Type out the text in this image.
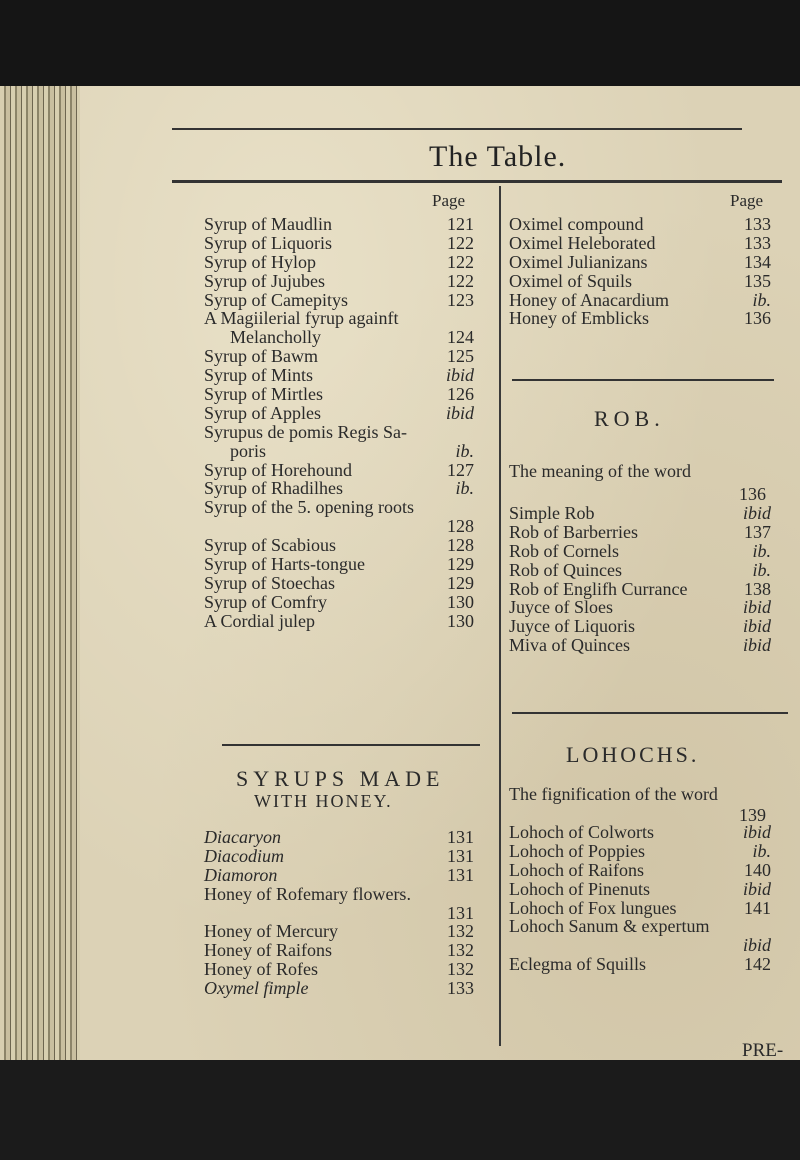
The Table.
Page	Page
Syrup of Maudlin	121
Syrup of Liquoris	122
Syrup of Hylop	122
Syrup of Jujubes	122
Syrup of Camepitys	123
A Magiilerial fyrup againft
Melancholly	124
Syrup of Bawm	125
Syrup of Mints	ibid
Syrup of Mirtles	126
Syrup of Apples	ibid
Syrupus de pomis Regis Sa-
poris	ib.
Syrup of Horehound	127
Syrup of Rhadilhes	ib.
Syrup of the 5. opening roots
128
Syrup of Scabious	128
Syrup of Harts-tongue	129
Syrup of Stoechas	129
Syrup of Comfry	130
A Cordial julep	130
SYRUPS MADE
WITH HONEY.
Diacaryon	131
Diacodium	131
Diamoron	131
Honey of Rofemary flowers.
131
Honey of Mercury	132
Honey of Raifons	132
Honey of Rofes	132
Oxymel fimple	133
Oximel compound	133
Oximel Heleborated	133
Oximel Julianizans	134
Oximel of Squils	135
Honey of Anacardium	ib.
Honey of Emblicks	136
ROB.
The meaning of the word
136
Simple Rob	ibid
Rob of Barberries	137
Rob of Cornels	ib.
Rob of Quinces	ib.
Rob of Englifh Currance	138
Juyce of Sloes	ibid
Juyce of Liquoris	ibid
Miva of Quinces	ibid
LOHOCHS.
The fignification of the word
139
Lohoch of Colworts	ibid
Lohoch of Poppies	ib.
Lohoch of Raifons	140
Lohoch of Pinenuts	ibid
Lohoch of Fox lungues	141
Lohoch Sanum & expertum
ibid
Eclegma of Squills	142
PRE-
